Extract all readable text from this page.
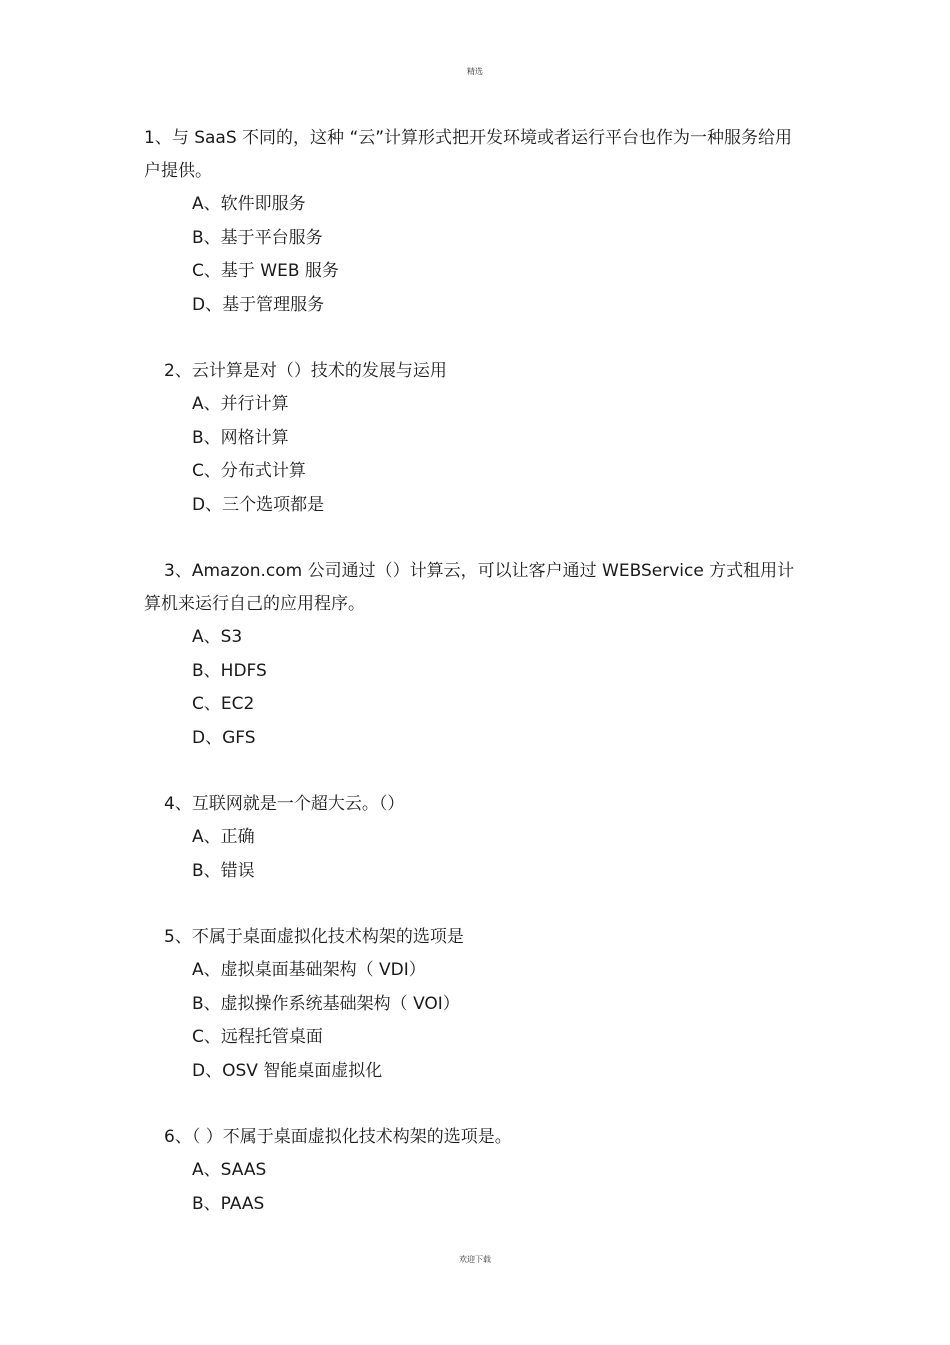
精选
1、与 SaaS 不同的，这种 “云”计算形式把开发环境或者运行平台也作为一种服务给用户提供。
A、软件即服务
B、基于平台服务
C、基于 WEB 服务
D、基于管理服务
2、云计算是对（）技术的发展与运用
A、并行计算
B、网格计算
C、分布式计算
D、三个选项都是
3、Amazon.com 公司通过（）计算云，可以让客户通过 WEBService 方式租用计算机来运行自己的应用程序。
A、S3
B、HDFS
C、EC2
D、GFS
4、互联网就是一个超大云。（）
A、正确
B、错误
5、不属于桌面虚拟化技术构架的选项是
A、虚拟桌面基础架构（ VDI）
B、虚拟操作系统基础架构（ VOI）
C、远程托管桌面
D、OSV 智能桌面虚拟化
6、（ ）不属于桌面虚拟化技术构架的选项是。
A、SAAS
B、PAAS
欢迎下载
